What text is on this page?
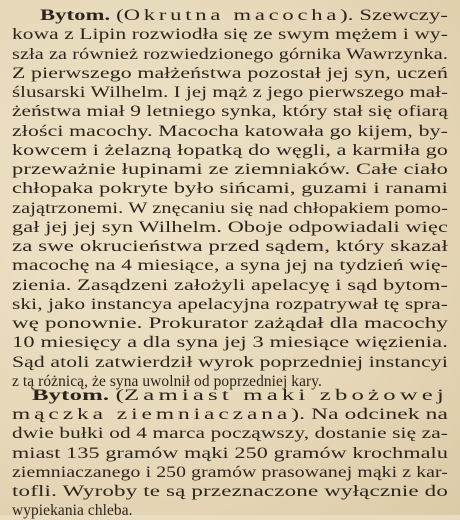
Bytom. (Okrutna macocha). Szewczy-
kowa z Lipin rozwiodła się ze swym mężem i wy-
szła za również rozwiedzionego górnika Wawrzynka.
Z pierwszego małżeństwa pozostał jej syn, uczeń
ślusarski Wilhelm. I jej mąż z jego pierwszego mał-
żeństwa miał 9 letniego synka, który stał się ofiarą
złości macochy. Macocha katowała go kijem, by-
kowcem i żelazną łopatką do węgli, a karmiła go
przeważnie łupinami ze ziemniaków. Całe ciało
chłopaka pokryte było sińcami, guzami i ranami
zajątrzonemi. W znęcaniu się nad chłopakiem pomo-
gał jej jej syn Wilhelm. Oboje odpowiadali więc
za swe okrucieństwa przed sądem, który skazał
macochę na 4 miesiące, a syna jej na tydzień wię-
zienia. Zasądzeni założyli apelacyę i sąd bytom-
ski, jako instancya apelacyjna rozpatrywał tę spra-
wę ponownie. Prokurator zażądał dla macochy
10 miesięcy a dla syna jej 3 miesiące więzienia.
Sąd atoli zatwierdził wyrok poprzedniej instancyi
z tą różnicą, że syna uwolnił od poprzedniej kary.
Bytom. (Zamiast maki zbożowej
mączka ziemniaczana). Na odcinek na
dwie bułki od 4 marca począwszy, dostanie się za-
miast 135 gramów mąki 250 gramów krochmalu
ziemniaczanego i 250 gramów prasowanej mąki z kar-
tofli. Wyroby te są przeznaczone wyłącznie do
wypiekania chleba.
